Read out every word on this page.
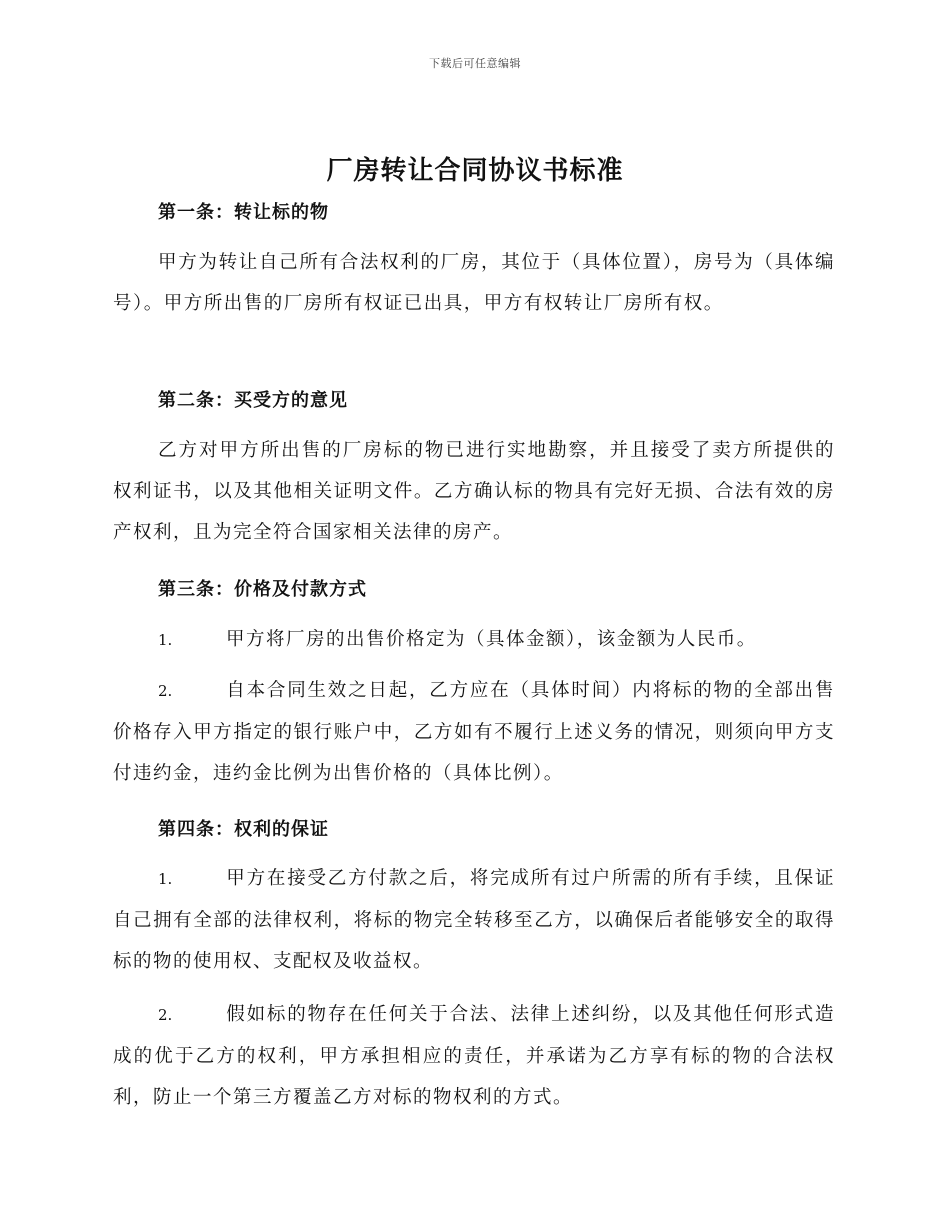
下载后可任意编辑
厂房转让合同协议书标准
第一条：转让标的物

甲方为转让自己所有合法权利的厂房，其位于（具体位置），房号为（具体编号）。甲方所出售的厂房所有权证已出具，甲方有权转让厂房所有权。

第二条：买受方的意见

乙方对甲方所出售的厂房标的物已进行实地勘察，并且接受了卖方所提供的权利证书，以及其他相关证明文件。乙方确认标的物具有完好无损、合法有效的房产权利，且为完全符合国家相关法律的房产。

第三条：价格及付款方式

1.	甲方将厂房的出售价格定为（具体金额），该金额为人民币。

2.	自本合同生效之日起，乙方应在（具体时间）内将标的物的全部出售价格存入甲方指定的银行账户中，乙方如有不履行上述义务的情况，则须向甲方支付违约金，违约金比例为出售价格的（具体比例）。

第四条：权利的保证

1.	甲方在接受乙方付款之后，将完成所有过户所需的所有手续，且保证自己拥有全部的法律权利，将标的物完全转移至乙方，以确保后者能够安全的取得标的物的使用权、支配权及收益权。

2.	假如标的物存在任何关于合法、法律上述纠纷，以及其他任何形式造成的优于乙方的权利，甲方承担相应的责任，并承诺为乙方享有标的物的合法权利，防止一个第三方覆盖乙方对标的物权利的方式。
